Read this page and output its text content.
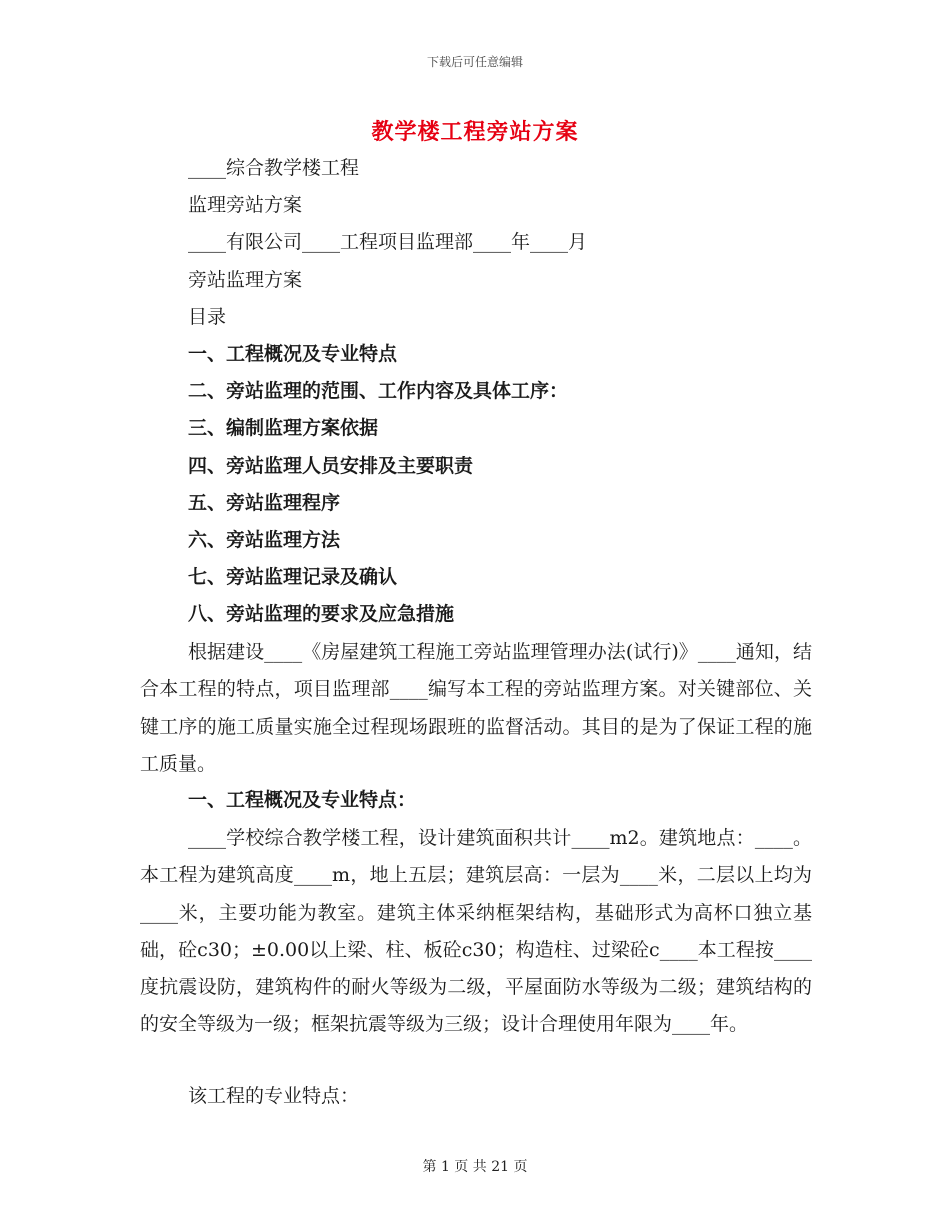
下载后可任意编辑
教学楼工程旁站方案
____综合教学楼工程
监理旁站方案
____有限公司____工程项目监理部____年____月
旁站监理方案
目录
一、工程概况及专业特点
二、旁站监理的范围、工作内容及具体工序：
三、编制监理方案依据
四、旁站监理人员安排及主要职责
五、旁站监理程序
六、旁站监理方法
七、旁站监理记录及确认
八、旁站监理的要求及应急措施
根据建设____《房屋建筑工程施工旁站监理管理办法(试行)》____通知，结合本工程的特点，项目监理部____编写本工程的旁站监理方案。对关键部位、关键工序的施工质量实施全过程现场跟班的监督活动。其目的是为了保证工程的施工质量。
一、工程概况及专业特点：
____学校综合教学楼工程，设计建筑面积共计____m2。建筑地点：____。本工程为建筑高度____m，地上五层；建筑层高：一层为____米，二层以上均为____米，主要功能为教室。建筑主体采纳框架结构，基础形式为高杯口独立基础，砼c30；±0.00以上梁、柱、板砼c30；构造柱、过梁砼c____本工程按____度抗震设防，建筑构件的耐火等级为二级，平屋面防水等级为二级；建筑结构的的安全等级为一级；框架抗震等级为三级；设计合理使用年限为____年。
该工程的专业特点：
第 1 页 共 21 页
